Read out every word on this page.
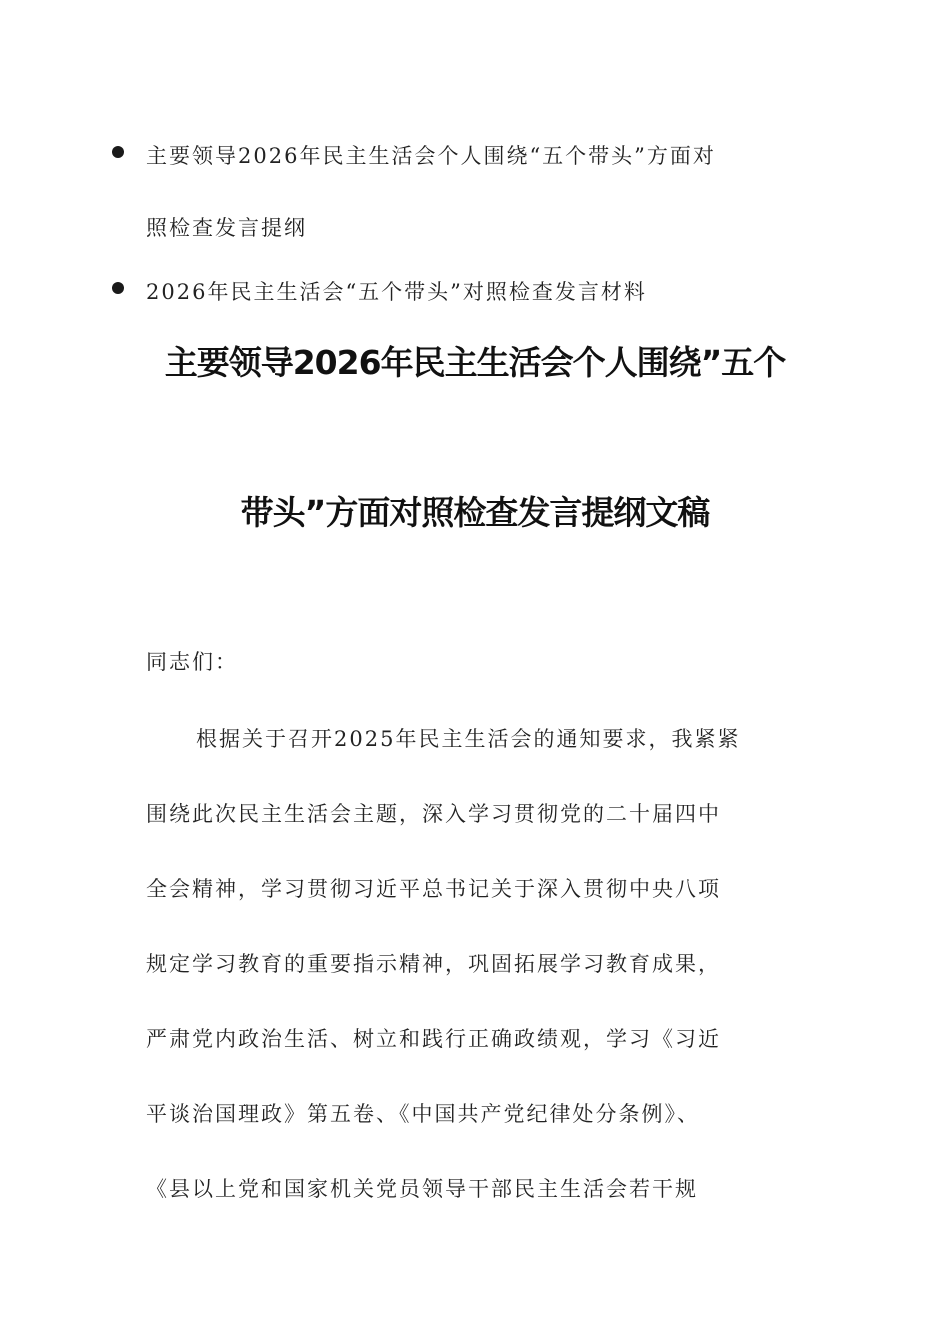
主要领导2026年民主生活会个人围绕“五个带头”方面对
照检查发言提纲
2026年民主生活会“五个带头”对照检查发言材料
主要领导2026年民主生活会个人围绕”五个
带头”方面对照检查发言提纲文稿

同志们：

根据关于召开2025年民主生活会的通知要求，我紧紧
围绕此次民主生活会主题，深入学习贯彻党的二十届四中
全会精神，学习贯彻习近平总书记关于深入贯彻中央八项
规定学习教育的重要指示精神，巩固拓展学习教育成果，
严肃党内政治生活、树立和践行正确政绩观，学习《习近
平谈治国理政》第五卷、《中国共产党纪律处分条例》、
《县以上党和国家机关党员领导干部民主生活会若干规
